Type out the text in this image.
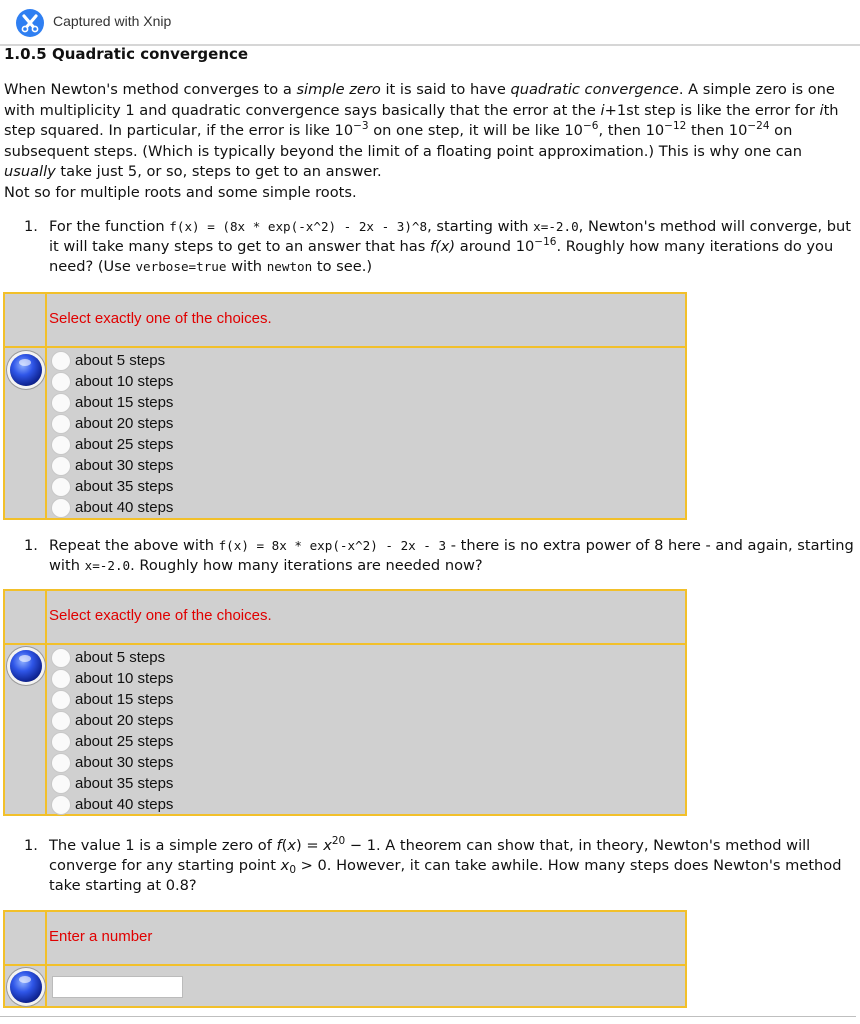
Captured with Xnip
1.0.5 Quadratic convergence

When Newton's method converges to a simple zero it is said to have quadratic convergence. A simple zero is one with multiplicity 1 and quadratic convergence says basically that the error at the i+1st step is like the error for ith step squared. In particular, if the error is like $10^{-3}$ on one step, it will be like $10^{-6}$, then $10^{-12}$ then $10^{-24}$ on subsequent steps. (Which is typically beyond the limit of a floating point approximation.) This is why one can usually take just 5, or so, steps to get to an answer.
Not so for multiple roots and some simple roots.

1. For the function f(x) = (8x * exp(-x^2) - 2x - 3)^8, starting with x=-2.0, Newton's method will converge, but it will take many steps to get to an answer that has f(x) around $10^{-16}$. Roughly how many iterations do you need? (Use verbose=true with newton to see.)
Select exactly one of the choices.
about 5 steps
about 10 steps
about 15 steps
about 20 steps
about 25 steps
about 30 steps
about 35 steps
about 40 steps
1. Repeat the above with f(x) = 8x * exp(-x^2) - 2x - 3 - there is no extra power of 8 here - and again, starting with x=-2.0. Roughly how many iterations are needed now?
Select exactly one of the choices.
about 5 steps
about 10 steps
about 15 steps
about 20 steps
about 25 steps
about 30 steps
about 35 steps
about 40 steps
1. The value 1 is a simple zero of $f(x) = x^{20} - 1$. A theorem can show that, in theory, Newton's method will converge for any starting point $x_0 > 0$. However, it can take awhile. How many steps does Newton's method take starting at 0.8?
Enter a number
